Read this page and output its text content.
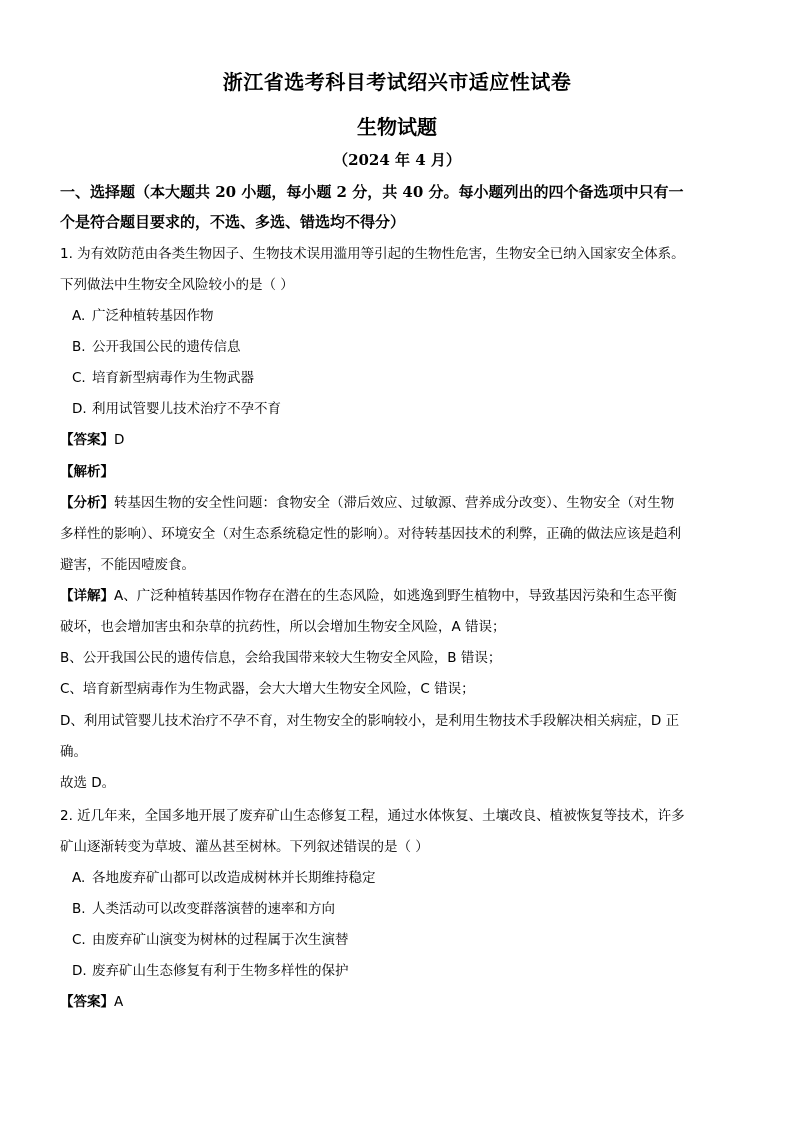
浙江省选考科目考试绍兴市适应性试卷
生物试题
（2024 年 4 月）
一、选择题（本大题共 20 小题，每小题 2 分，共 40 分。每小题列出的四个备选项中只有一
个是符合题目要求的，不选、多选、错选均不得分）
1. 为有效防范由各类生物因子、生物技术误用滥用等引起的生物性危害，生物安全已纳入国家安全体系。
下列做法中生物安全风险较小的是（ ）
A. 广泛种植转基因作物
B. 公开我国公民的遗传信息
C. 培育新型病毒作为生物武器
D. 利用试管婴儿技术治疗不孕不育
【答案】D
【解析】
【分析】转基因生物的安全性问题：食物安全（滞后效应、过敏源、营养成分改变）、生物安全（对生物
多样性的影响）、环境安全（对生态系统稳定性的影响）。对待转基因技术的利弊，正确的做法应该是趋利
避害，不能因噎废食。
【详解】A、广泛种植转基因作物存在潜在的生态风险，如逃逸到野生植物中，导致基因污染和生态平衡
破坏，也会增加害虫和杂草的抗药性，所以会增加生物安全风险，A 错误；
B、公开我国公民的遗传信息，会给我国带来较大生物安全风险，B 错误；
C、培育新型病毒作为生物武器，会大大增大生物安全风险，C 错误；
D、利用试管婴儿技术治疗不孕不育，对生物安全的影响较小，是利用生物技术手段解决相关病症，D 正
确。
故选 D。
2. 近几年来，全国多地开展了废弃矿山生态修复工程，通过水体恢复、土壤改良、植被恢复等技术，许多
矿山逐渐转变为草坡、灌丛甚至树林。下列叙述错误的是（ ）
A. 各地废弃矿山都可以改造成树林并长期维持稳定
B. 人类活动可以改变群落演替的速率和方向
C. 由废弃矿山演变为树林的过程属于次生演替
D. 废弃矿山生态修复有利于生物多样性的保护
【答案】A
